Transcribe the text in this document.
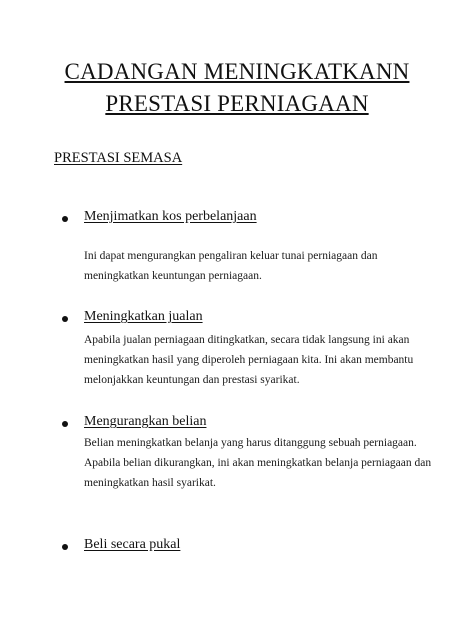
CADANGAN MENINGKATKANN
PRESTASI PERNIAGAAN
PRESTASI SEMASA
Menjimatkan kos perbelanjaan
Ini dapat mengurangkan pengaliran keluar tunai perniagaan dan
meningkatkan keuntungan perniagaan.
Meningkatkan jualan
Apabila jualan perniagaan ditingkatkan, secara tidak langsung ini akan
meningkatkan hasil yang diperoleh perniagaan kita. Ini akan membantu
melonjakkan keuntungan dan prestasi syarikat.
Mengurangkan belian
Belian meningkatkan belanja yang harus ditanggung sebuah perniagaan.
Apabila belian dikurangkan, ini akan meningkatkan belanja perniagaan dan
meningkatkan hasil syarikat.
Beli secara pukal
